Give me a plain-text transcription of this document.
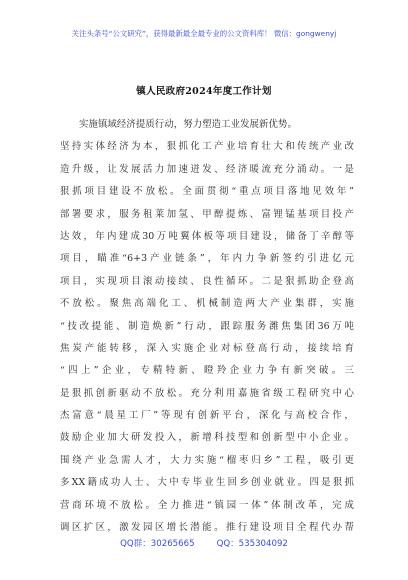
关注头条号“公文研究”，获得最新最全最专业的公文资料库！ 微信：gongwenyj
镇人民政府2024年度工作计划
实施镇域经济提质行动，努力塑造工业发展新优势。
坚持实体经济为本，狠抓化工产业培育壮大和传统产业改
造升级，让发展活力加速迸发、经济暖流充分涌动。一是
狠抓项目建设不放松。全面贯彻“重点项目落地见效年”
部署要求，服务租莱加氢、甲醇提炼、富锂锰基项目投产
达效，年内建成30万吨翼体板等项目建设，储备丁辛醇等
项目，瞄准“6+3产业链条”，年内力争新签约引进亿元
项目，实现项目滚动接续、良性循环。二是狠抓助企登高
不放松。聚焦高端化工、机械制造两大产业集群，实施
“技改提能、制造焕新”行动，跟踪服务潍焦集团36万吨
焦炭产能转移，深入实施企业对标登高行动，接续培育
“四上”企业，专精特新、瞪羚企业力争有新突破。三
是狠抓创新驱动不放松。充分利用嘉施省级工程研究中心
杰富意“晨星工厂”等现有创新平台，深化与高校合作，
鼓励企业加大研发投入，新增科技型和创新型中小企业。
围绕产业急需人才，大力实施“榴枣归乡”工程，吸引更
多XX籍成功人士、大中专毕业生回乡创业就业。四是狠抓
营商环境不放松。全力推进“镇园一体”体制改革，完成
调区扩区，激发园区增长潜能。推行建设项目全程代办帮
QQ群：30265665	QQ：535304092
